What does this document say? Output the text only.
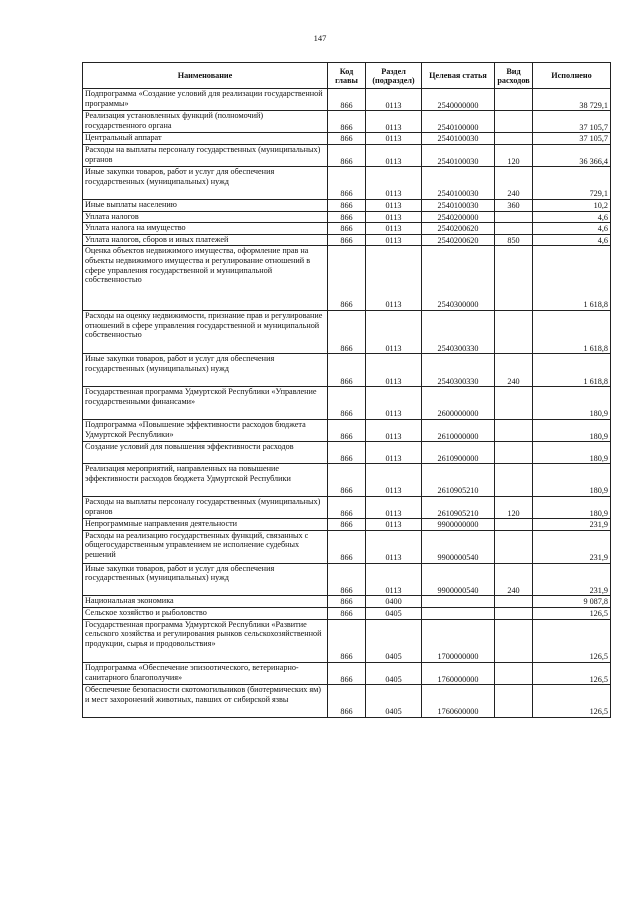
147
Наименование	Код главы	Раздел (подраздел)	Целевая статья	Вид расходов	Исполнено
Подпрограмма «Создание условий для реализации государственной программы»	866	0113	2540000000		38 729,1
Реализация установленных функций (полномочий) государственного органа	866	0113	2540100000		37 105,7
Центральный аппарат	866	0113	2540100030		37 105,7
Расходы на выплаты персоналу государственных (муниципальных) органов	866	0113	2540100030	120	36 366,4
Иные закупки товаров, работ и услуг для обеспечения государственных (муниципальных) нужд	866	0113	2540100030	240	729,1
Иные выплаты населению	866	0113	2540100030	360	10,2
Уплата налогов	866	0113	2540200000		4,6
Уплата налога на имущество	866	0113	2540200620		4,6
Уплата налогов, сборов и иных платежей	866	0113	2540200620	850	4,6
Оценка объектов недвижимого имущества, оформление прав на объекты недвижимого имущества и регулирование отношений в сфере управления государственной и муниципальной собственностью	866	0113	2540300000		1 618,8
Расходы на оценку недвижимости, признание прав и регулирование отношений в сфере управления государственной и муниципальной собственностью	866	0113	2540300330		1 618,8
Иные закупки товаров, работ и услуг для обеспечения государственных (муниципальных) нужд	866	0113	2540300330	240	1 618,8
Государственная программа Удмуртской Республики «Управление государственными финансами»	866	0113	2600000000		180,9
Подпрограмма «Повышение эффективности расходов бюджета Удмуртской Республики»	866	0113	2610000000		180,9
Создание условий для повышения эффективности расходов	866	0113	2610900000		180,9
Реализация мероприятий, направленных на повышение эффективности расходов бюджета Удмуртской Республики	866	0113	2610905210		180,9
Расходы на выплаты персоналу государственных (муниципальных) органов	866	0113	2610905210	120	180,9
Непрограммные направления деятельности	866	0113	9900000000		231,9
Расходы на реализацию государственных функций, связанных с общегосударственным управлением не исполнение судебных решений	866	0113	9900000540		231,9
Иные закупки товаров, работ и услуг для обеспечения государственных (муниципальных) нужд	866	0113	9900000540	240	231,9
Национальная экономика	866	0400			9 087,8
Сельское хозяйство и рыболовство	866	0405			126,5
Государственная программа Удмуртской Республики «Развитие сельского хозяйства и регулирования рынков сельскохозяйственной продукции, сырья и продовольствия»	866	0405	1700000000		126,5
Подпрограмма «Обеспечение эпизоотического, ветеринарно-санитарного благополучия»	866	0405	1760000000		126,5
Обеспечение безопасности скотомогильников (биотермических ям) и мест захоронений животных, павших от сибирской язвы	866	0405	1760600000		126,5
